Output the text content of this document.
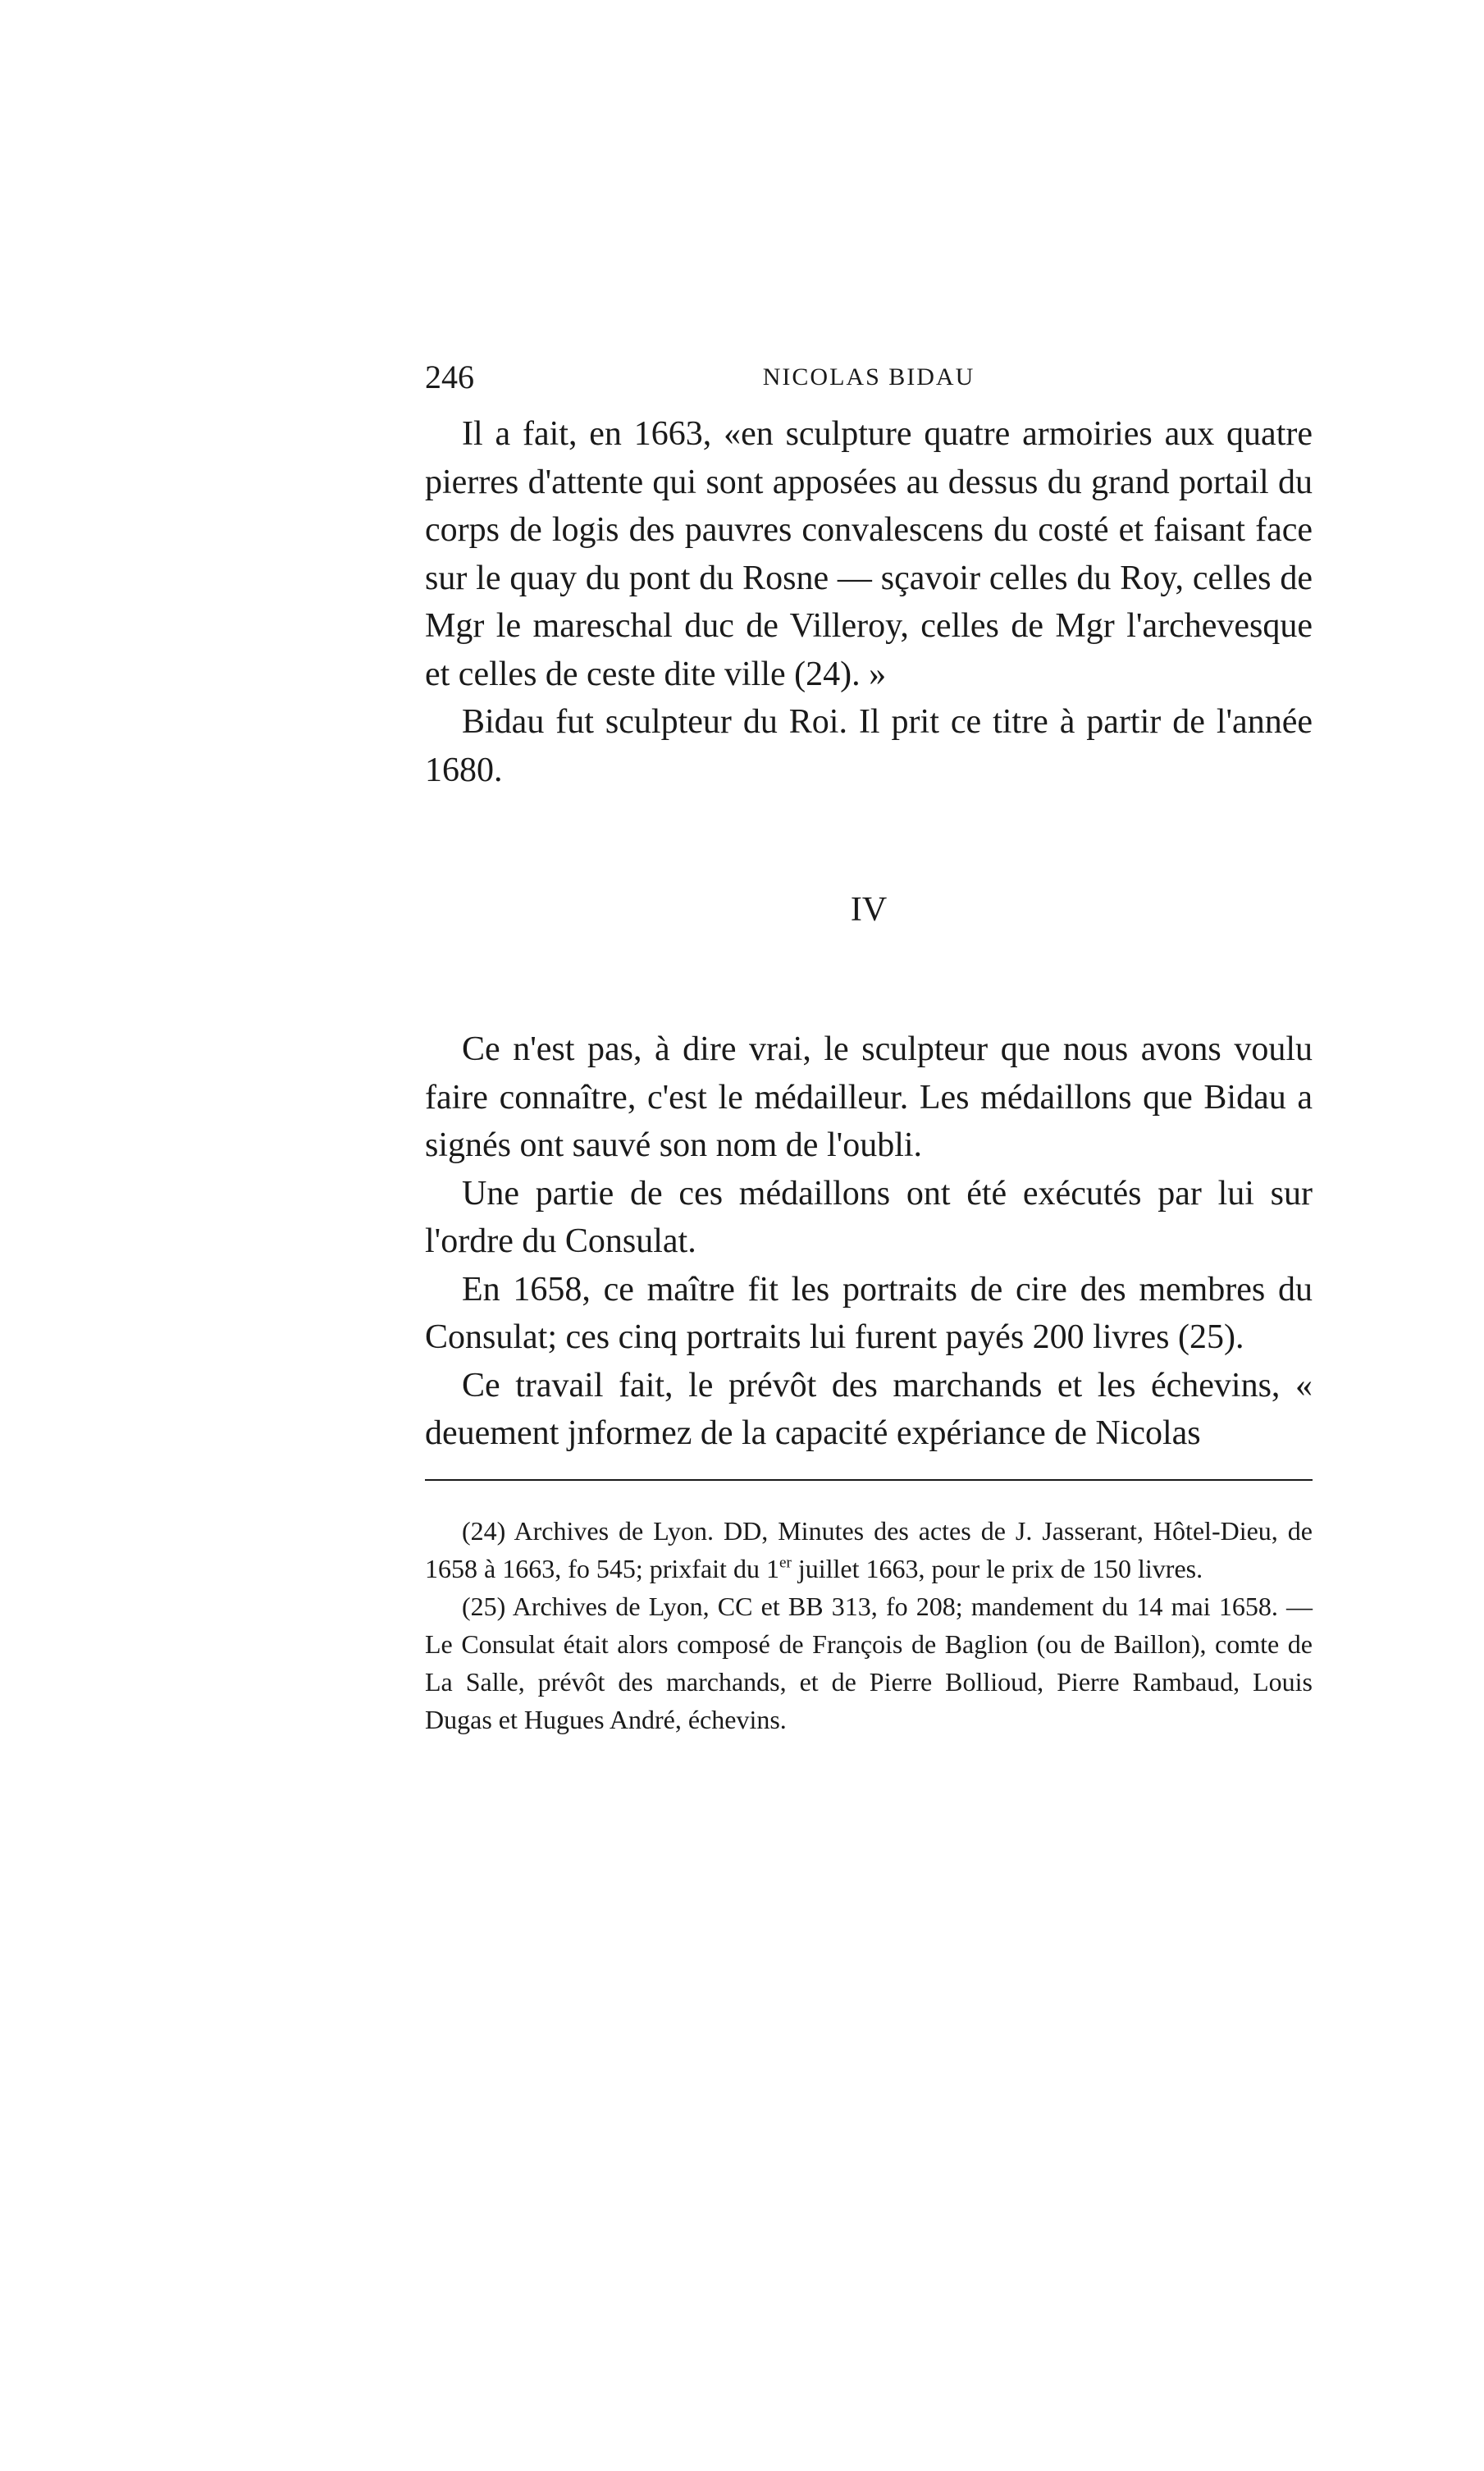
246	NICOLAS BIDAU

Il a fait, en 1663, «en sculpture quatre armoiries aux quatre pierres d'attente qui sont apposées au dessus du grand portail du corps de logis des pauvres convalescens du costé et faisant face sur le quay du pont du Rosne — sçavoir celles du Roy, celles de Mgr le mareschal duc de Villeroy, celles de Mgr l'archevesque et celles de ceste dite ville (24). »

Bidau fut sculpteur du Roi. Il prit ce titre à partir de l'année 1680.

IV

Ce n'est pas, à dire vrai, le sculpteur que nous avons voulu faire connaître, c'est le médailleur. Les médaillons que Bidau a signés ont sauvé son nom de l'oubli.

Une partie de ces médaillons ont été exécutés par lui sur l'ordre du Consulat.

En 1658, ce maître fit les portraits de cire des membres du Consulat; ces cinq portraits lui furent payés 200 livres (25).

Ce travail fait, le prévôt des marchands et les échevins, « deuement jnformez de la capacité expériance de Nicolas

(24) Archives de Lyon. DD, Minutes des actes de J. Jasserant, Hôtel-Dieu, de 1658 à 1663, fo 545; prixfait du 1er juillet 1663, pour le prix de 150 livres.

(25) Archives de Lyon, CC et BB 313, fo 208; mandement du 14 mai 1658. — Le Consulat était alors composé de François de Baglion (ou de Baillon), comte de La Salle, prévôt des marchands, et de Pierre Bollioud, Pierre Rambaud, Louis Dugas et Hugues André, échevins.
